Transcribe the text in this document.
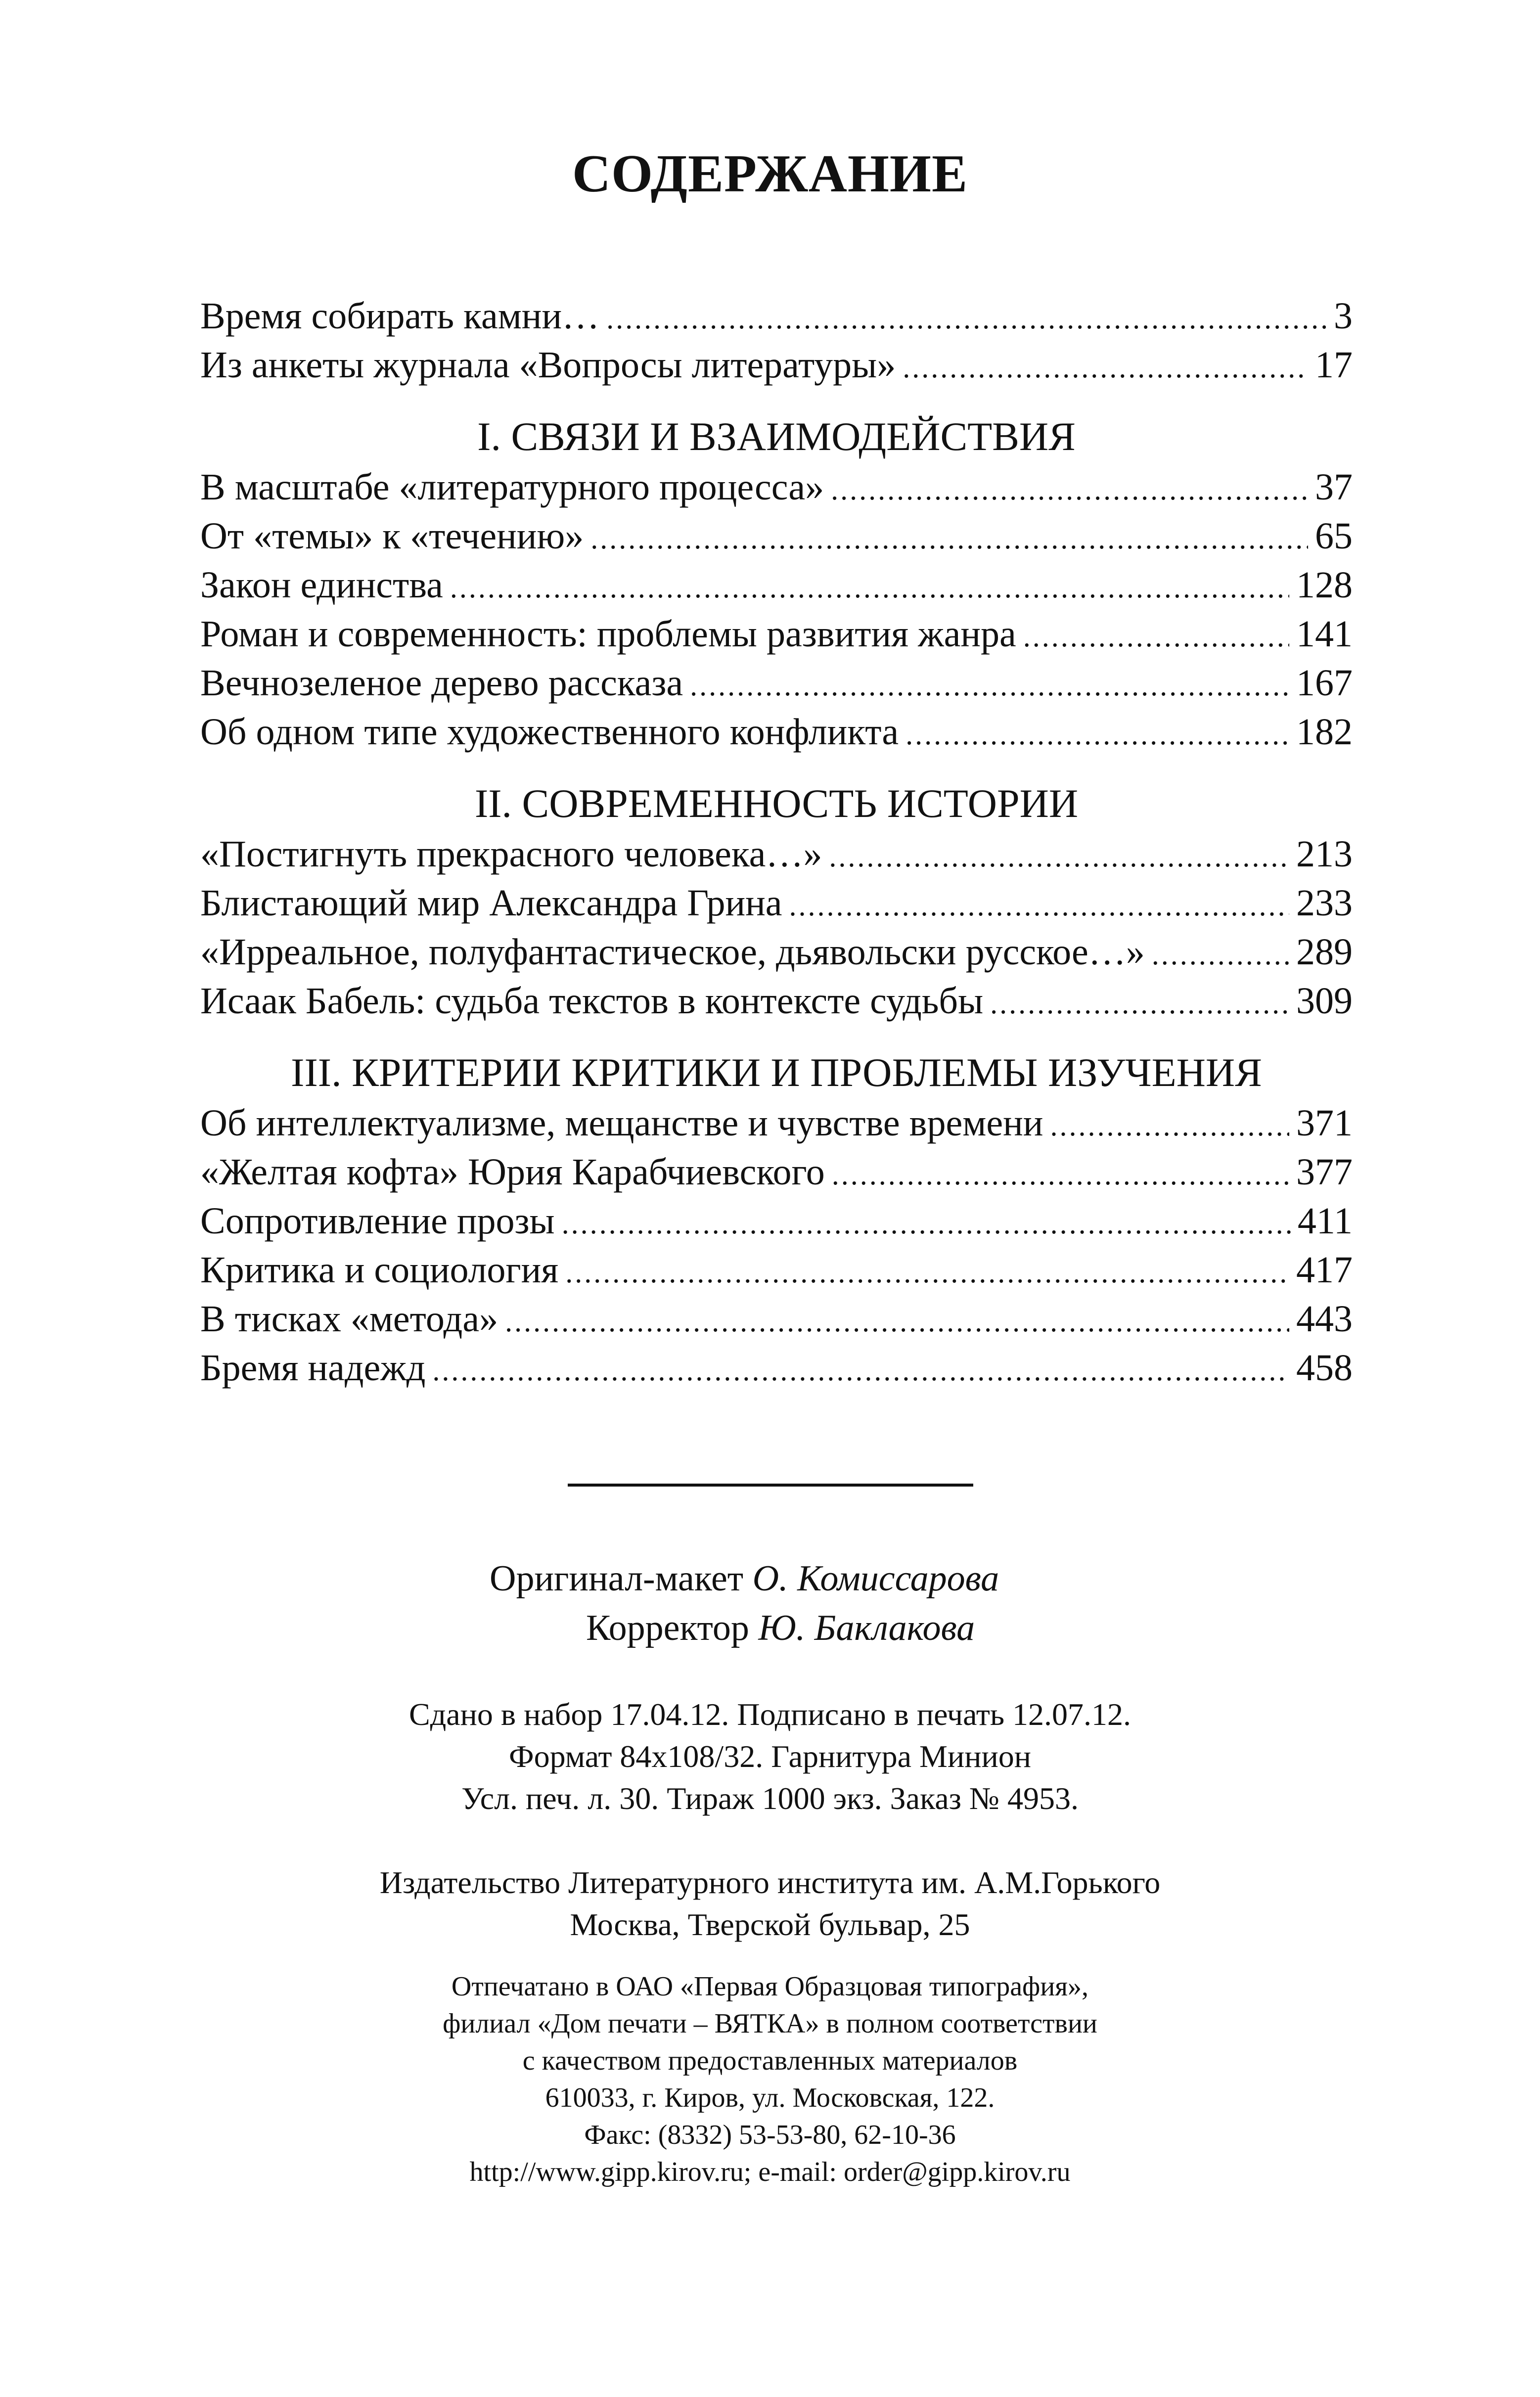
СОДЕРЖАНИЕ
Время собирать камни… .....	3
Из анкеты журнала «Вопросы литературы» .....	17
I. СВЯЗИ И ВЗАИМОДЕЙСТВИЯ
В масштабе «литературного процесса» .....	37
От «темы» к «течению» .....	65
Закон единства .....	128
Роман и современность: проблемы развития жанра .....	141
Вечнозеленое дерево рассказа .....	167
Об одном типе художественного конфликта .....	182
II. СОВРЕМЕННОСТЬ ИСТОРИИ
«Постигнуть прекрасного человека…» .....	213
Блистающий мир Александра Грина .....	233
«Ирреальное, полуфантастическое, дьявольски русское…» .....	289
Исаак Бабель: судьба текстов в контексте судьбы .....	309
III. КРИТЕРИИ КРИТИКИ И ПРОБЛЕМЫ ИЗУЧЕНИЯ
Об интеллектуализме, мещанстве и чувстве времени .....	371
«Желтая кофта» Юрия Карабчиевского .....	377
Сопротивление прозы .....	411
Критика и социология .....	417
В тисках «метода» .....	443
Бремя надежд .....	458
Оригинал-макет О. Комиссарова
Корректор Ю. Баклакова
Сдано в набор 17.04.12. Подписано в печать 12.07.12.
Формат 84x108/32. Гарнитура Минион
Усл. печ. л. 30. Тираж 1000 экз. Заказ № 4953.
Издательство Литературного института им. А.М.Горького
Москва, Тверской бульвар, 25
Отпечатано в ОАО «Первая Образцовая типография»,
филиал «Дом печати – ВЯТКА» в полном соответствии
с качеством предоставленных материалов
610033, г. Киров, ул. Московская, 122.
Факс: (8332) 53-53-80, 62-10-36
http://www.gipp.kirov.ru; e-mail: order@gipp.kirov.ru
